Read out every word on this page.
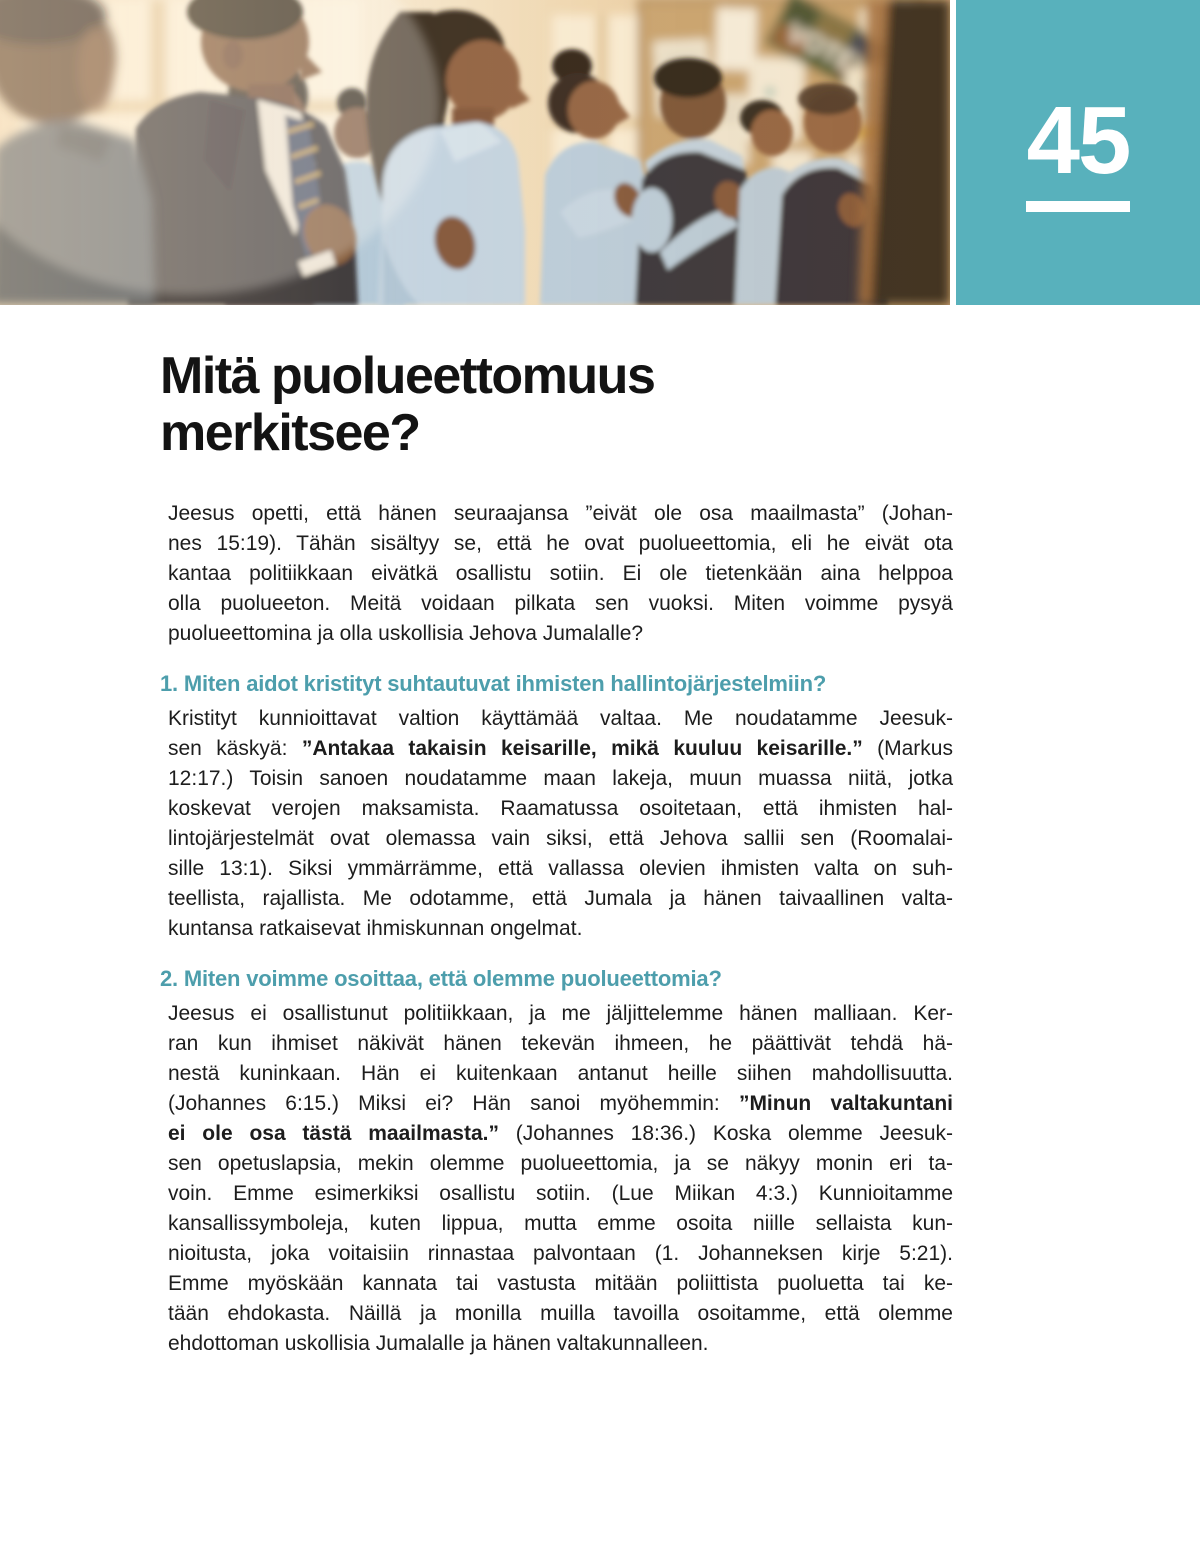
45
Mitä puolueettomuus
merkitsee?
Jeesus opetti, että hänen seuraajansa ”eivät ole osa maailmasta” (Johan-
nes 15:19). Tähän sisältyy se, että he ovat puolueettomia, eli he eivät ota
kantaa politiikkaan eivätkä osallistu sotiin. Ei ole tietenkään aina helppoa
olla puolueeton. Meitä voidaan pilkata sen vuoksi. Miten voimme pysyä
puolueettomina ja olla uskollisia Jehova Jumalalle?
1. Miten aidot kristityt suhtautuvat ihmisten hallintojärjestelmiin?
Kristityt kunnioittavat valtion käyttämää valtaa. Me noudatamme Jeesuk-
sen käskyä: ”Antakaa takaisin keisarille, mikä kuuluu keisarille.” (Markus
12:17.) Toisin sanoen noudatamme maan lakeja, muun muassa niitä, jotka
koskevat verojen maksamista. Raamatussa osoitetaan, että ihmisten hal-
lintojärjestelmät ovat olemassa vain siksi, että Jehova sallii sen (Roomalai-
sille 13:1). Siksi ymmärrämme, että vallassa olevien ihmisten valta on suh-
teellista, rajallista. Me odotamme, että Jumala ja hänen taivaallinen valta-
kuntansa ratkaisevat ihmiskunnan ongelmat.
2. Miten voimme osoittaa, että olemme puolueettomia?
Jeesus ei osallistunut politiikkaan, ja me jäljittelemme hänen malliaan. Ker-
ran kun ihmiset näkivät hänen tekevän ihmeen, he päättivät tehdä hä-
nestä kuninkaan. Hän ei kuitenkaan antanut heille siihen mahdollisuutta.
(Johannes 6:15.) Miksi ei? Hän sanoi myöhemmin: ”Minun valtakuntani
ei ole osa tästä maailmasta.” (Johannes 18:36.) Koska olemme Jeesuk-
sen opetuslapsia, mekin olemme puolueettomia, ja se näkyy monin eri ta-
voin. Emme esimerkiksi osallistu sotiin. (Lue Miikan 4:3.) Kunnioitamme
kansallissymboleja, kuten lippua, mutta emme osoita niille sellaista kun-
nioitusta, joka voitaisiin rinnastaa palvontaan (1. Johanneksen kirje 5:21).
Emme myöskään kannata tai vastusta mitään poliittista puoluetta tai ke-
tään ehdokasta. Näillä ja monilla muilla tavoilla osoitamme, että olemme
ehdottoman uskollisia Jumalalle ja hänen valtakunnalleen.
